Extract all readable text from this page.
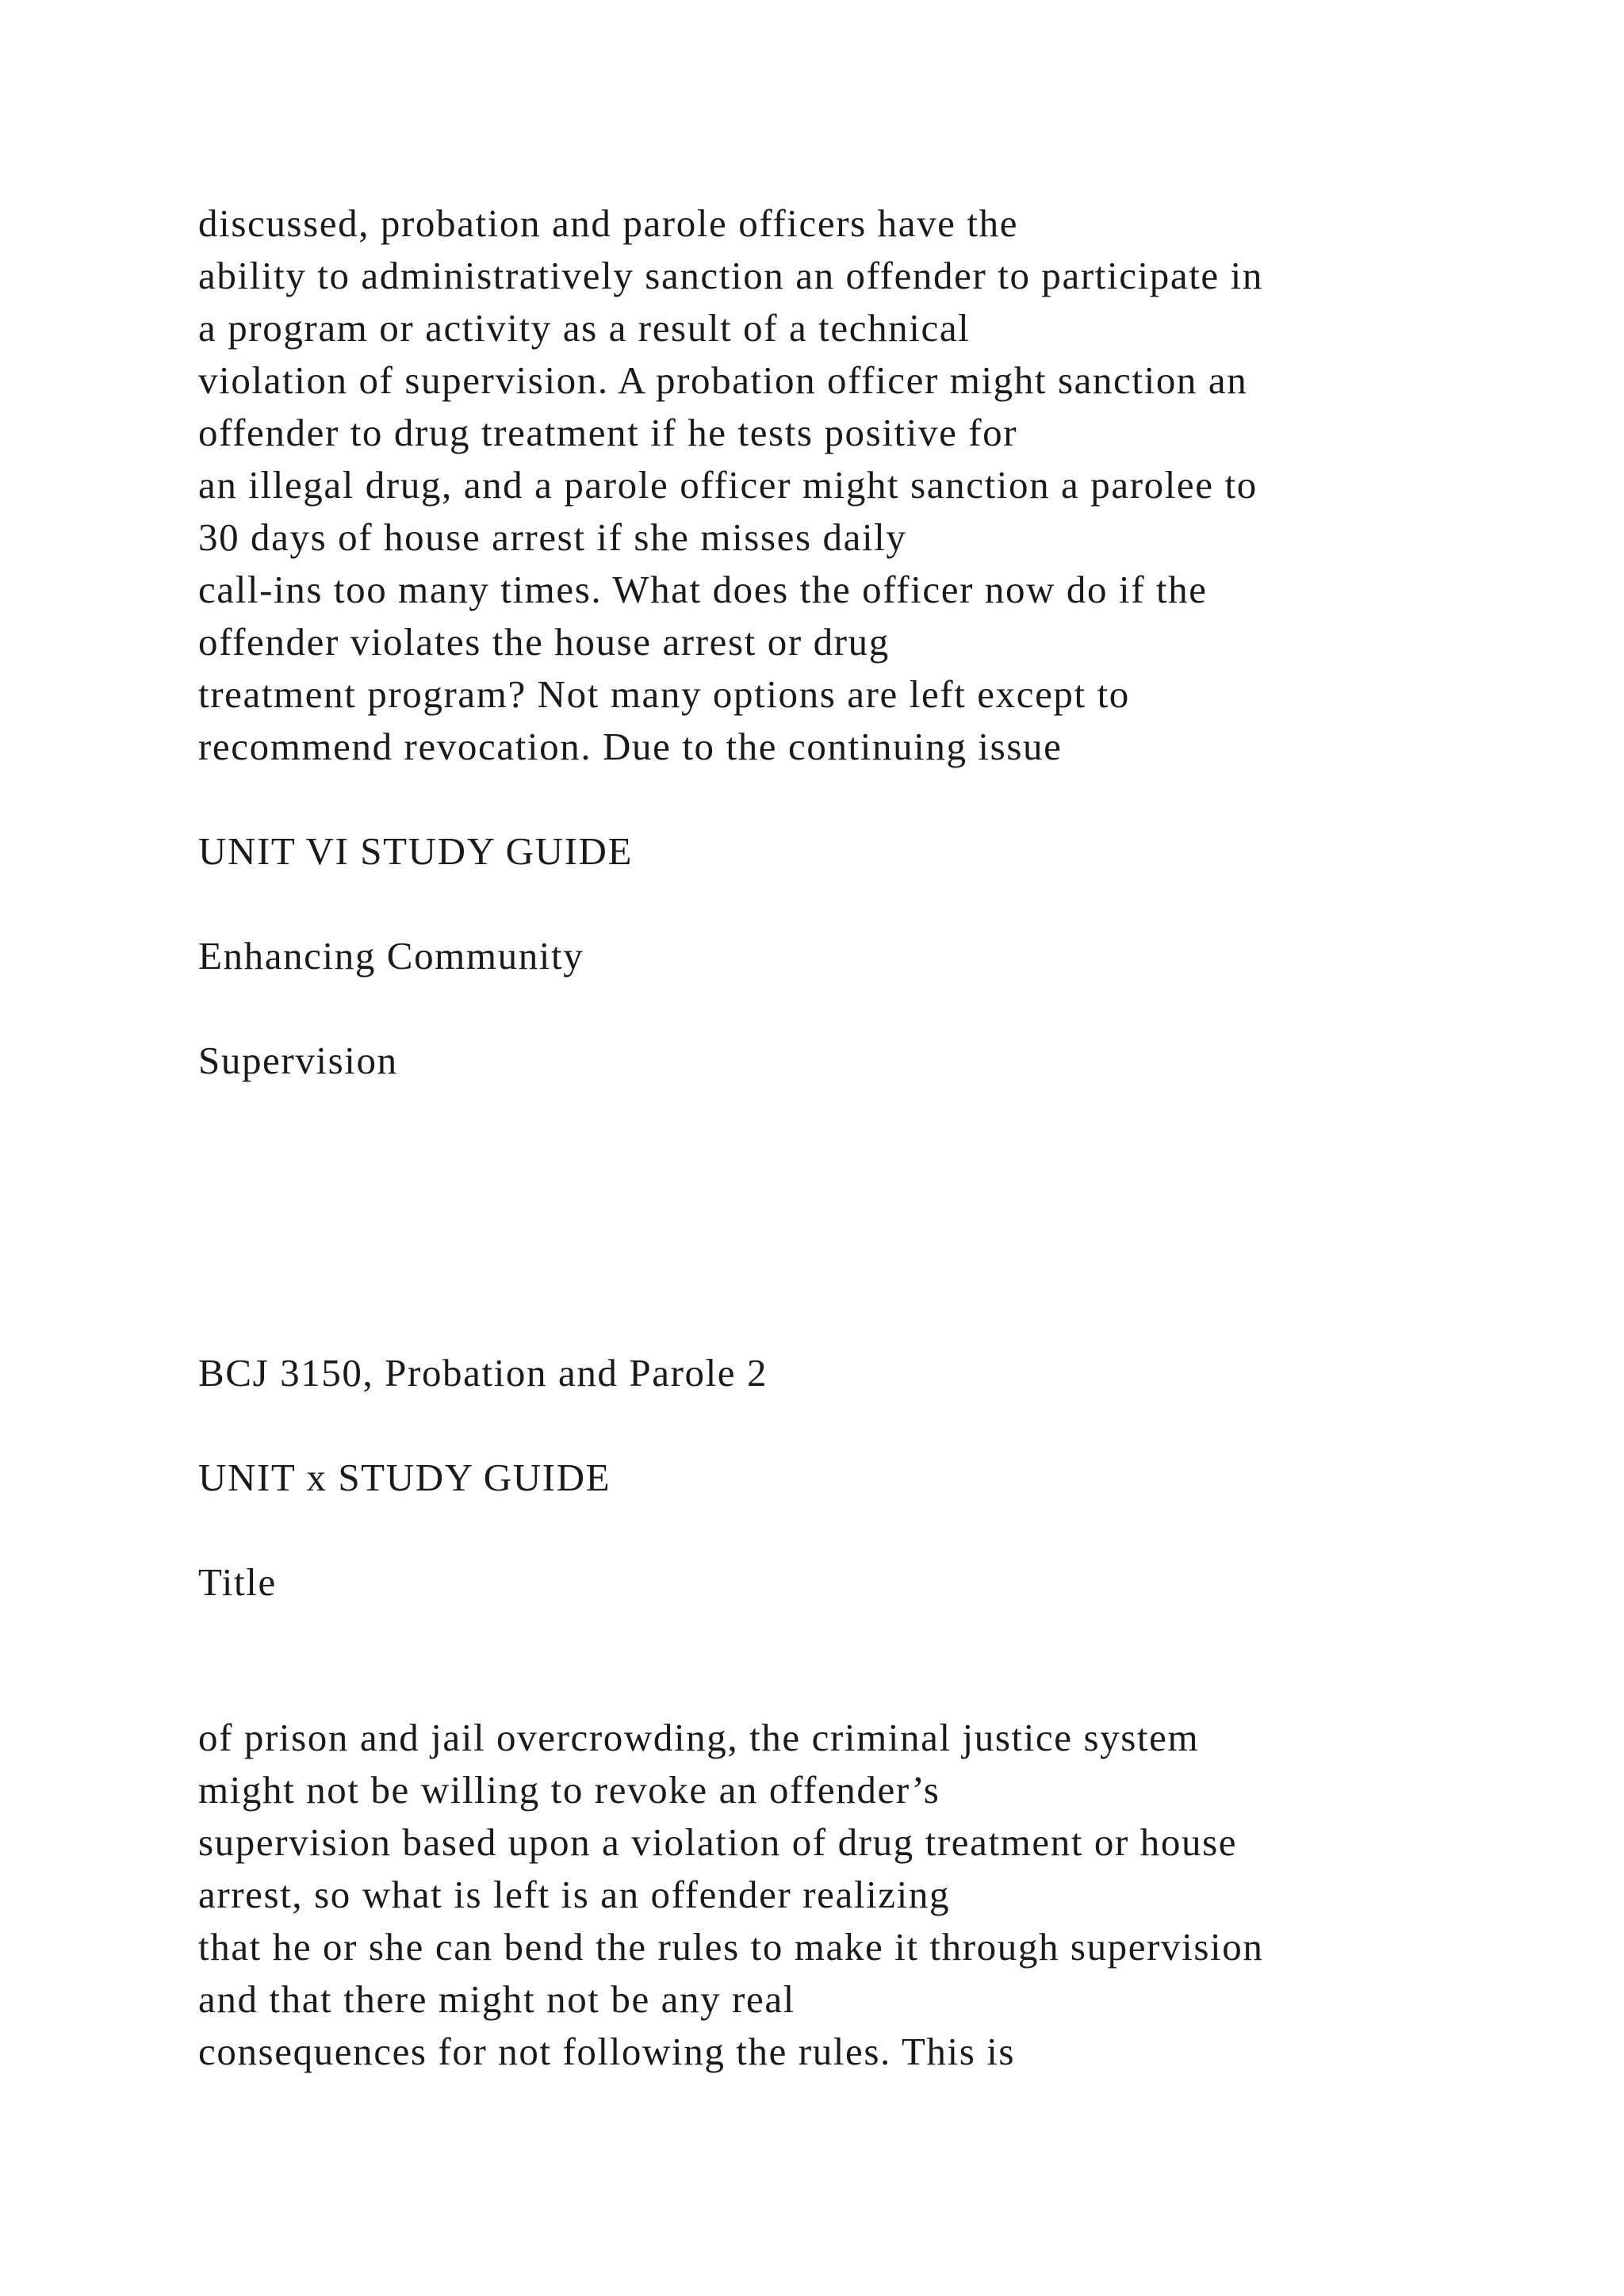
discussed, probation and parole officers have the
ability to administratively sanction an offender to participate in
a program or activity as a result of a technical
violation of supervision. A probation officer might sanction an
offender to drug treatment if he tests positive for
an illegal drug, and a parole officer might sanction a parolee to
30 days of house arrest if she misses daily
call-ins too many times. What does the officer now do if the
offender violates the house arrest or drug
treatment program? Not many options are left except to
recommend revocation. Due to the continuing issue
UNIT VI STUDY GUIDE
Enhancing Community
Supervision
BCJ 3150, Probation and Parole 2
UNIT x STUDY GUIDE
Title
of prison and jail overcrowding, the criminal justice system
might not be willing to revoke an offender’s
supervision based upon a violation of drug treatment or house
arrest, so what is left is an offender realizing
that he or she can bend the rules to make it through supervision
and that there might not be any real
consequences for not following the rules. This is
